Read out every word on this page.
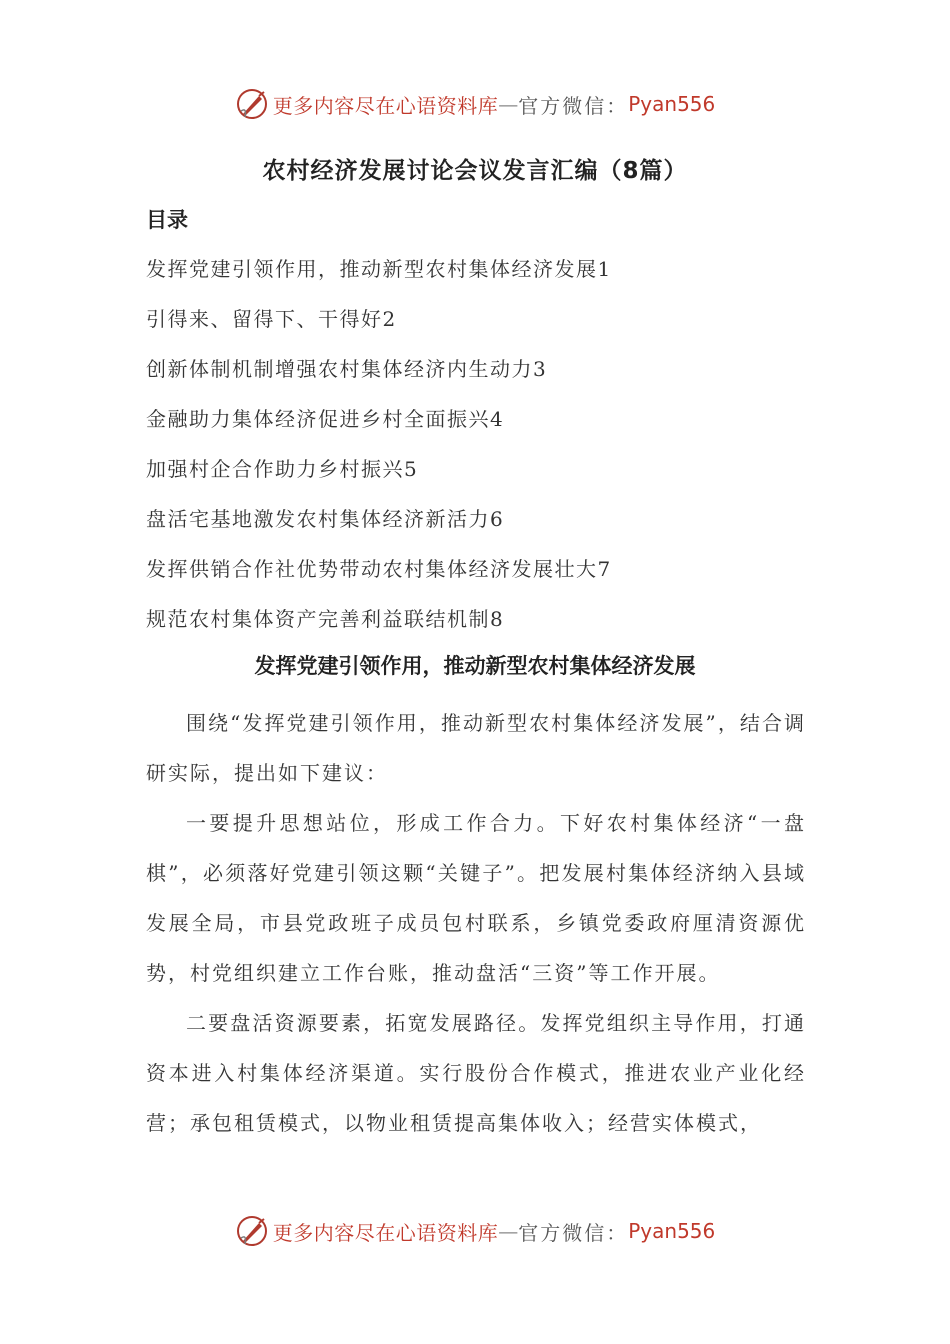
更多内容尽在心语资料库 — 官方微信： Pyan556
农村经济发展讨论会议发言汇编（8篇）
目录
发挥党建引领作用，推动新型农村集体经济发展1
引得来、留得下、干得好2
创新体制机制增强农村集体经济内生动力3
金融助力集体经济促进乡村全面振兴4
加强村企合作助力乡村振兴5
盘活宅基地激发农村集体经济新活力6
发挥供销合作社优势带动农村集体经济发展壮大7
规范农村集体资产完善利益联结机制8
发挥党建引领作用，推动新型农村集体经济发展

围绕“发挥党建引领作用，推动新型农村集体经济发展”，结合调研实际，提出如下建议：

一要提升思想站位，形成工作合力。下好农村集体经济“一盘棋”，必须落好党建引领这颗“关键子”。把发展村集体经济纳入县域发展全局，市县党政班子成员包村联系，乡镇党委政府厘清资源优势，村党组织建立工作台账，推动盘活“三资”等工作开展。

二要盘活资源要素，拓宽发展路径。发挥党组织主导作用，打通资本进入村集体经济渠道。实行股份合作模式，推进农业产业化经营；承包租赁模式，以物业租赁提高集体收入；经营实体模式，

更多内容尽在心语资料库 — 官方微信： Pyan556
